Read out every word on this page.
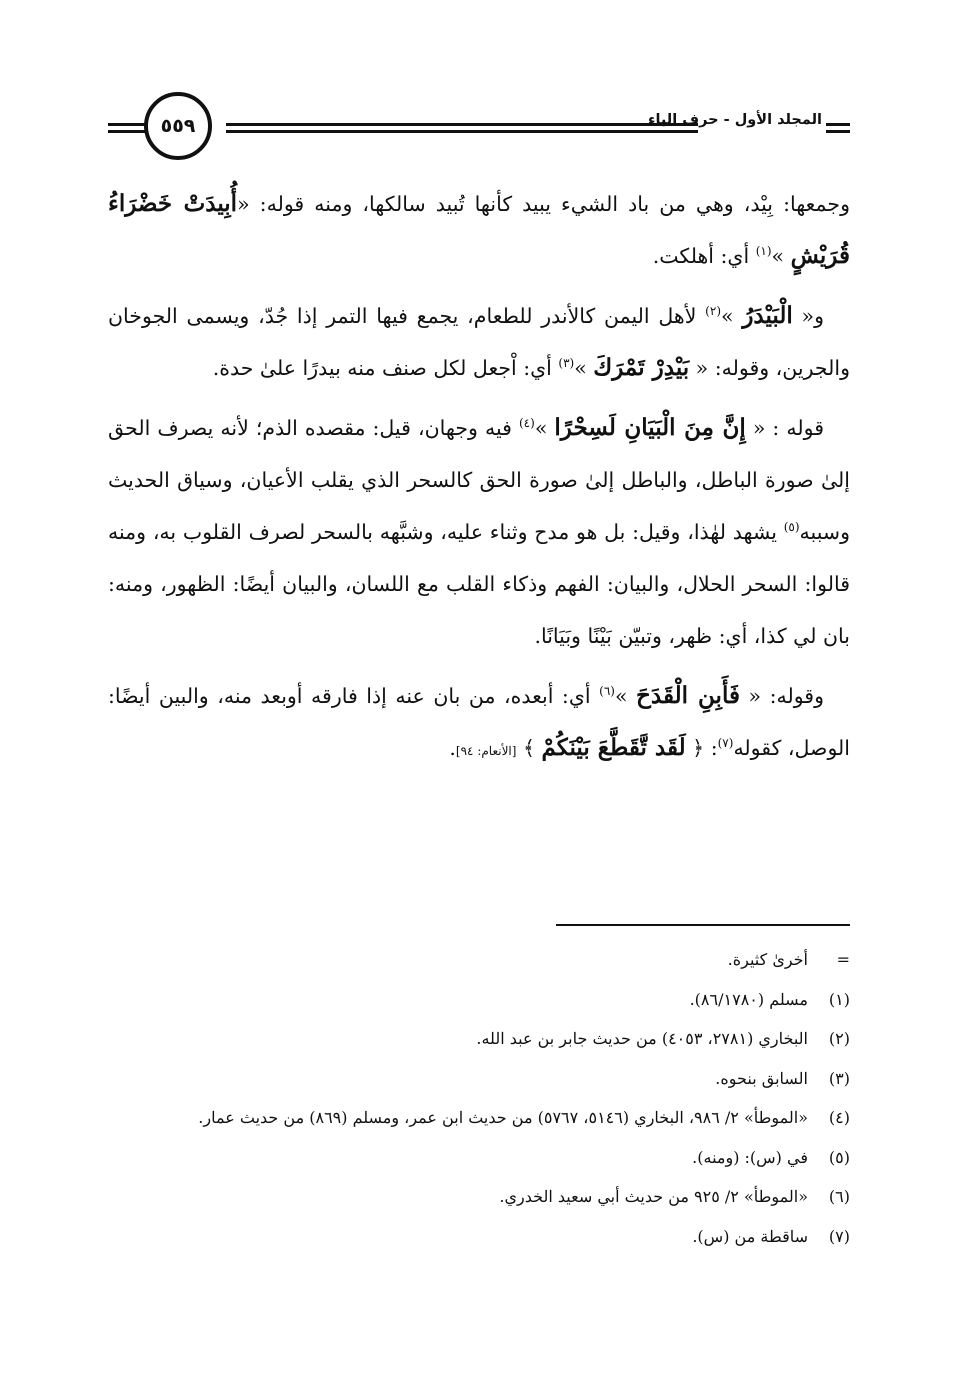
المجلد الأول - حرف الباء
٥٥٩

وجمعها: بِيْد، وهي من باد الشيء يبيد كأنها تُبيد سالكها، ومنه قوله: «أُبِيدَتْ خَضْرَاءُ قُرَيْشٍ »$^{(١)}$ أي: أهلكت.

و« الْبَيْدَرُ »$^{(٢)}$ لأهل اليمن كالأندر للطعام، يجمع فيها التمر إذا جُدّ، ويسمى الجوخان والجرين، وقوله: « بَيْدِرْ تَمْرَكَ »$^{(٣)}$ أي: اْجعل لكل صنف منه بيدرًا علىٰ حدة.

قوله : « إِنَّ مِنَ الْبَيَانِ لَسِحْرًا »$^{(٤)}$ فيه وجهان، قيل: مقصده الذم؛ لأنه يصرف الحق إلىٰ صورة الباطل، والباطل إلىٰ صورة الحق كالسحر الذي يقلب الأعيان، وسياق الحديث وسببه$^{(٥)}$ يشهد لهٰذا، وقيل: بل هو مدح وثناء عليه، وشبَّهه بالسحر لصرف القلوب به، ومنه قالوا: السحر الحلال، والبيان: الفهم وذكاء القلب مع اللسان، والبيان أيضًا: الظهور، ومنه: بان لي كذا، أي: ظهر، وتبيّن بَيْنًا وبَيَانًا.

وقوله: « فَأَبِنِ الْقَدَحَ »$^{(٦)}$ أي: أبعده، من بان عنه إذا فارقه أوبعد منه، والبين أيضًا: الوصل، كقوله$^{(٧)}$: ﴿ لَقَد تَّقَطَّعَ بَيْنَكُمْ ﴾ [الأنعام: ٩٤].

=
أخرىٰ كثيرة.
(١)
مسلم (٨٦/١٧٨٠).
(٢)
البخاري (٢٧٨١، ٤٠٥٣) من حديث جابر بن عبد الله.
(٣)
السابق بنحوه.
(٤)
«الموطأ» ٢/ ٩٨٦، البخاري (٥١٤٦، ٥٧٦٧) من حديث ابن عمر، ومسلم (٨٦٩) من حديث عمار.
(٥)
في (س): (ومنه).
(٦)
«الموطأ» ٢/ ٩٢٥ من حديث أبي سعيد الخدري.
(٧)
ساقطة من (س).
